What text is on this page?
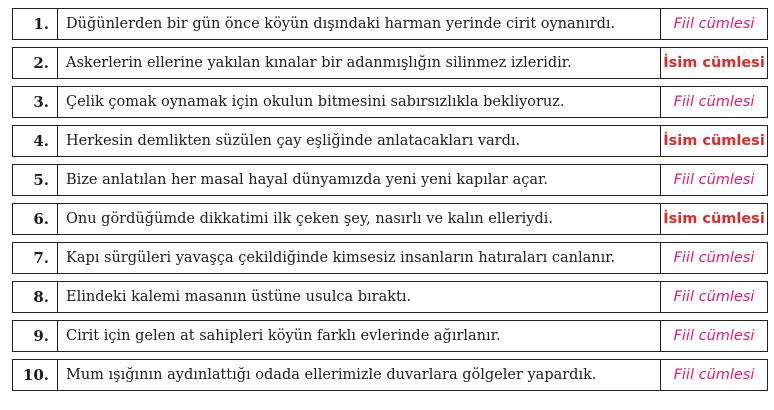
1.	Düğünlerden bir gün önce köyün dışındaki harman yerinde cirit oynanırdı.	Fiil cümlesi

2.	Askerlerin ellerine yakılan kınalar bir adanmışlığın silinmez izleridir.	İsim cümlesi

3.	Çelik çomak oynamak için okulun bitmesini sabırsızlıkla bekliyoruz.	Fiil cümlesi

4.	Herkesin demlikten süzülen çay eşliğinde anlatacakları vardı.	İsim cümlesi

5.	Bize anlatılan her masal hayal dünyamızda yeni yeni kapılar açar.	Fiil cümlesi

6.	Onu gördüğümde dikkatimi ilk çeken şey, nasırlı ve kalın elleriydi.	İsim cümlesi

7.	Kapı sürgüleri yavaşça çekildiğinde kimsesiz insanların hatıraları canlanır.	Fiil cümlesi

8.	Elindeki kalemi masanın üstüne usulca bıraktı.	Fiil cümlesi

9.	Cirit için gelen at sahipleri köyün farklı evlerinde ağırlanır.	Fiil cümlesi

10.	Mum ışığının aydınlattığı odada ellerimizle duvarlara gölgeler yapardık.	Fiil cümlesi
